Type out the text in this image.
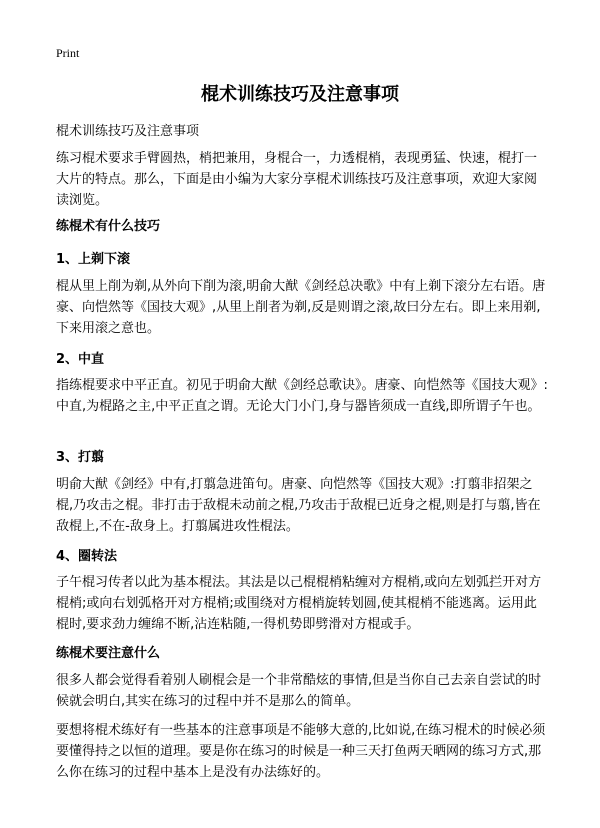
Print
棍术训练技巧及注意事项
棍术训练技巧及注意事项
练习棍术要求手臂圆热，梢把兼用，身棍合一，力透棍梢，表现勇猛、快速，棍打一大片的特点。那么，下面是由小编为大家分享棍术训练技巧及注意事项，欢迎大家阅读浏览。
练棍术有什么技巧
1、上剃下滚
棍从里上削为剃,从外向下削为滚,明俞大猷《剑经总决歌》中有上剃下滚分左右语。唐豪、向恺然等《国技大观》,从里上削者为剃,反是则谓之滚,故曰分左右。即上来用剃,下来用滚之意也。
2、中直
指练棍要求中平正直。初见于明俞大猷《剑经总歌诀》。唐豪、向恺然等《国技大观》:中直,为棍路之主,中平正直之谓。无论大门小门,身与器皆须成一直线,即所谓子午也。
3、打翦
明俞大猷《剑经》中有,打翦急进笛句。唐豪、向恺然等《国技大观》:打翦非招架之棍,乃攻击之棍。非打击于敌棍未动前之棍,乃攻击于敌棍已近身之棍,则是打与翦,皆在敌棍上,不在-敌身上。打翦属进攻性棍法。
4、圈转法
子午棍习传者以此为基本棍法。其法是以己棍棍梢粘缠对方棍梢,或向左划弧拦开对方棍梢;或向右划弧格开对方棍梢;或围绕对方棍梢旋转划圆,使其棍梢不能逃离。运用此棍时,要求劲力缠绵不断,沾连粘随,一得机势即劈滑对方棍或手。
练棍术要注意什么
很多人都会觉得看着别人刷棍会是一个非常酷炫的事情,但是当你自己去亲自尝试的时候就会明白,其实在练习的过程中并不是那么的简单。
要想将棍术练好有一些基本的注意事项是不能够大意的,比如说,在练习棍术的时候必须要懂得持之以恒的道理。要是你在练习的时候是一种三天打鱼两天晒网的练习方式,那么你在练习的过程中基本上是没有办法练好的。
